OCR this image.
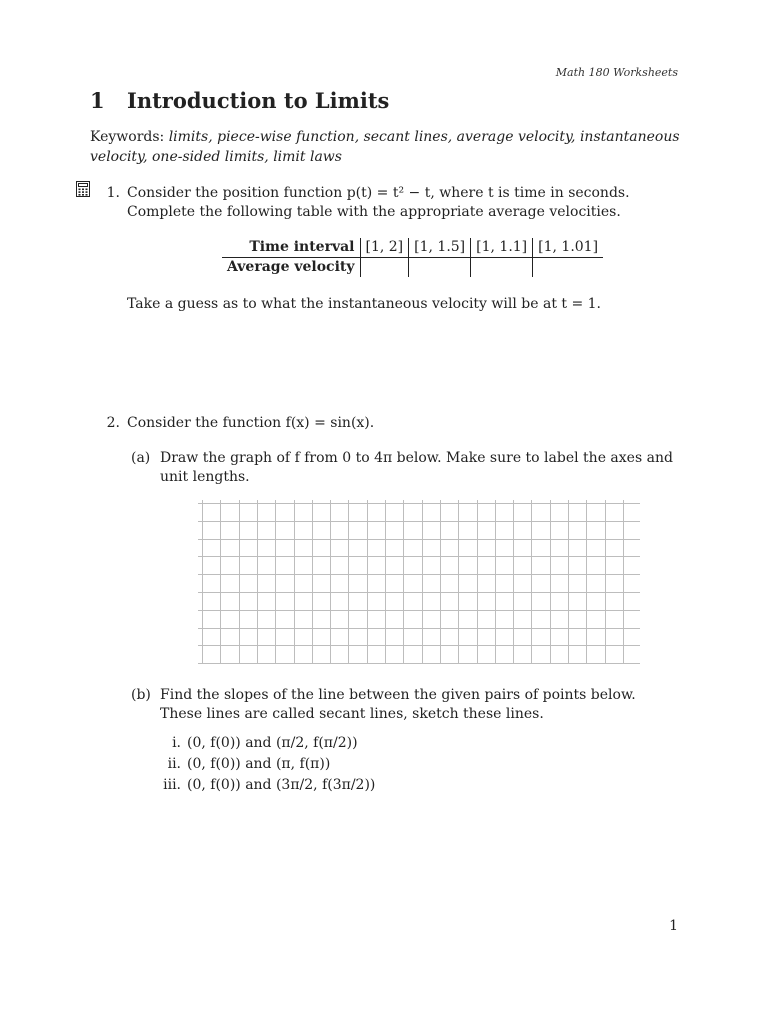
Math 180 Worksheets
1 Introduction to Limits
Keywords: limits, piece-wise function, secant lines, average velocity, instantaneous velocity, one-sided limits, limit laws
1. Consider the position function p(t) = t² − t, where t is time in seconds. Complete the following table with the appropriate average velocities.
Time interval	[1, 2]	[1, 1.5]	[1, 1.1]	[1, 1.01]
Average velocity				
Take a guess as to what the instantaneous velocity will be at t = 1.
2. Consider the function f(x) = sin(x).
(a) Draw the graph of f from 0 to 4π below. Make sure to label the axes and unit lengths.
(b) Find the slopes of the line between the given pairs of points below. These lines are called secant lines, sketch these lines.
i. (0, f(0)) and (π/2, f(π/2))
ii. (0, f(0)) and (π, f(π))
iii. (0, f(0)) and (3π/2, f(3π/2))
1
